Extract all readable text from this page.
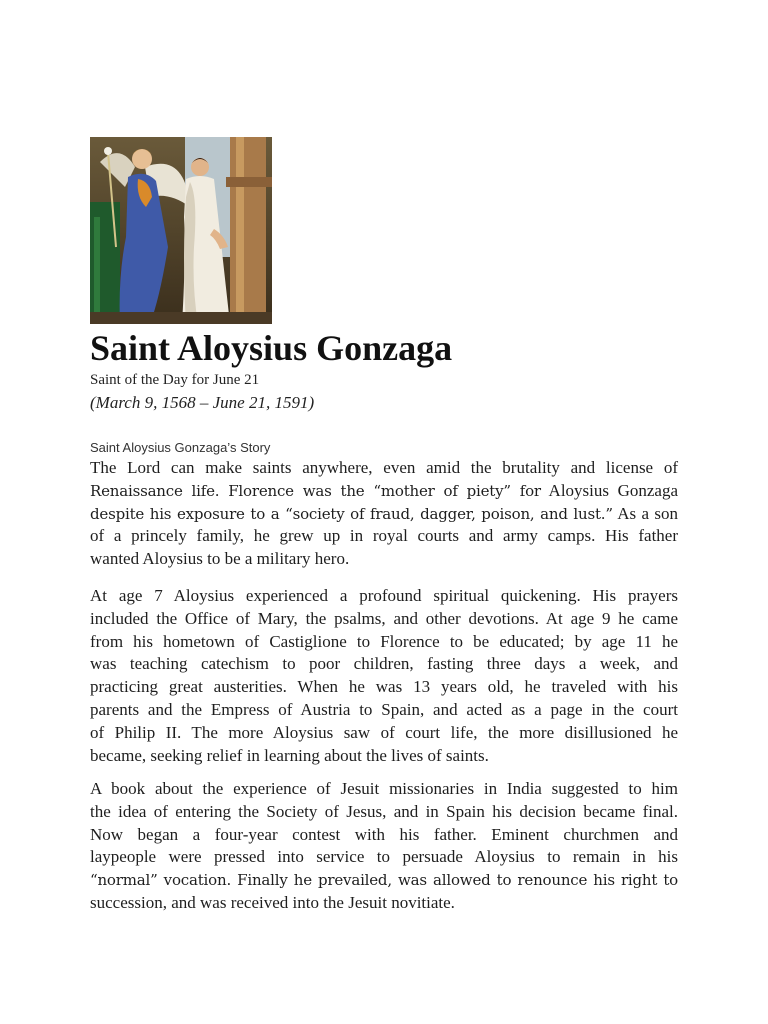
Saint Aloysius Gonzaga

Saint of the Day for June 21

(March 9, 1568 – June 21, 1591)

Saint Aloysius Gonzaga’s Story

The Lord can make saints anywhere, even amid the brutality and license of
Renaissance life. Florence was the “mother of piety” for Aloysius Gonzaga
despite his exposure to a “society of fraud, dagger, poison, and lust.” As a son
of a princely family, he grew up in royal courts and army camps. His father
wanted Aloysius to be a military hero.
At age 7 Aloysius experienced a profound spiritual quickening. His prayers
included the Office of Mary, the psalms, and other devotions. At age 9 he came
from his hometown of Castiglione to Florence to be educated; by age 11 he
was teaching catechism to poor children, fasting three days a week, and
practicing great austerities. When he was 13 years old, he traveled with his
parents and the Empress of Austria to Spain, and acted as a page in the court
of Philip II. The more Aloysius saw of court life, the more disillusioned he
became, seeking relief in learning about the lives of saints.
A book about the experience of Jesuit missionaries in India suggested to him
the idea of entering the Society of Jesus, and in Spain his decision became final.
Now began a four-year contest with his father. Eminent churchmen and
laypeople were pressed into service to persuade Aloysius to remain in his
“normal” vocation. Finally he prevailed, was allowed to renounce his right to
succession, and was received into the Jesuit novitiate.
